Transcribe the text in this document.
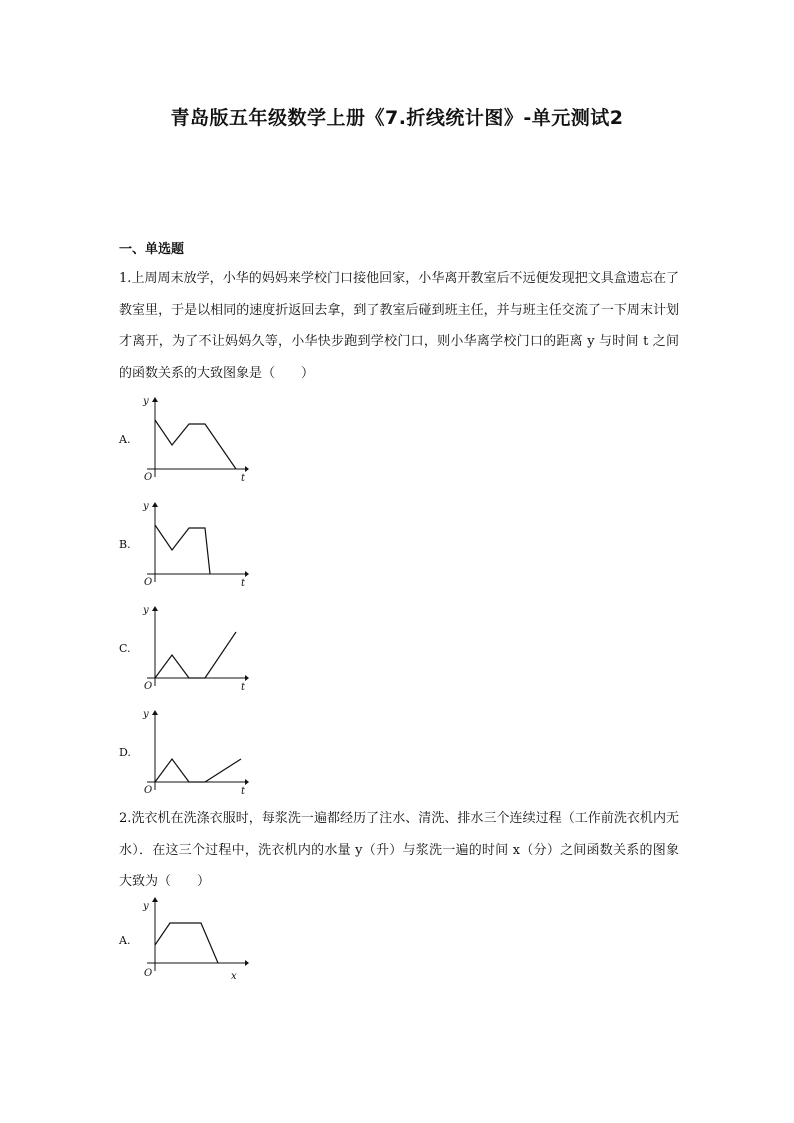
青岛版五年级数学上册《7.折线统计图》-单元测试2
一、单选题
1.上周周末放学，小华的妈妈来学校门口接他回家，小华离开教室后不远便发现把文具盒遗忘在了教室里，于是以相同的速度折返回去拿，到了教室后碰到班主任，并与班主任交流了一下周末计划才离开，为了不让妈妈久等，小华快步跑到学校门口，则小华离学校门口的距离 y 与时间 t 之间的函数关系的大致图象是（　　）
A.
y
t
O
B.
y
t
O
C.
y
t
O
D.
y
t
O
2.洗衣机在洗涤衣服时，每浆洗一遍都经历了注水、清洗、排水三个连续过程（工作前洗衣机内无水）．在这三个过程中，洗衣机内的水量 y（升）与浆洗一遍的时间 x（分）之间函数关系的图象大致为（　　）
A.
y
x
O
